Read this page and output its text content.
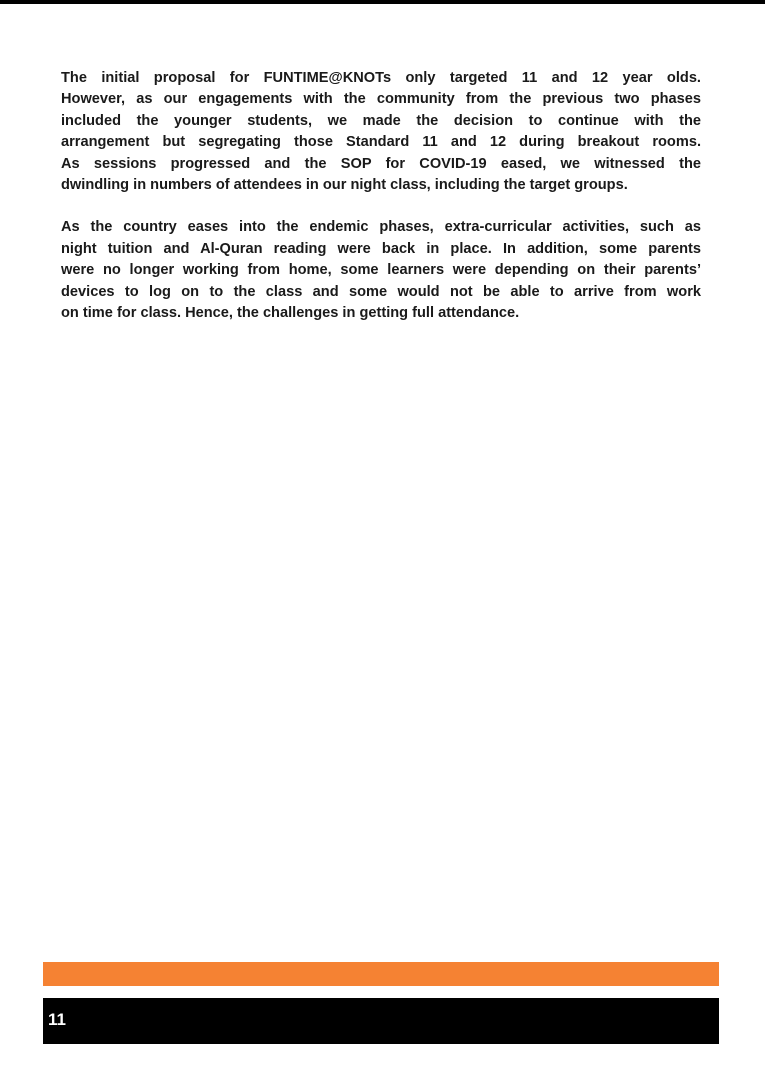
The initial proposal for FUNTIME@KNOTs only targeted 11 and 12 year olds.
However, as our engagements with the community from the previous two phases
included the younger students, we made the decision to continue with the
arrangement but segregating those Standard 11 and 12 during breakout rooms.
As sessions progressed and the SOP for COVID-19 eased, we witnessed the
dwindling in numbers of attendees in our night class, including the target groups.

As the country eases into the endemic phases, extra-curricular activities, such as
night tuition and Al-Quran reading were back in place. In addition, some parents
were no longer working from home, some learners were depending on their parents’
devices to log on to the class and some would not be able to arrive from work
on time for class. Hence, the challenges in getting full attendance.

11
